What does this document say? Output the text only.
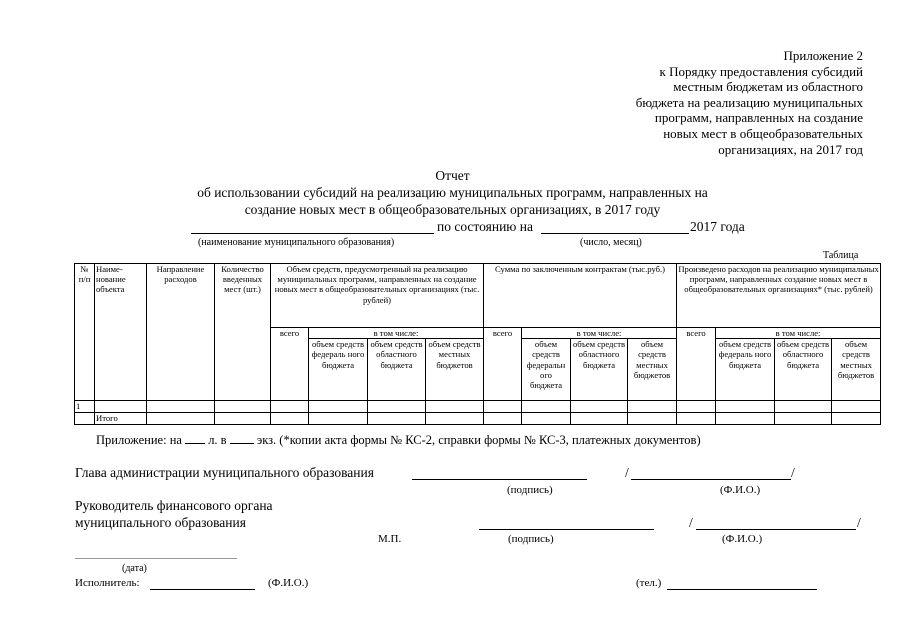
Приложение 2
к Порядку предоставления субсидий
местным бюджетам из областного
бюджета на реализацию муниципальных
программ, направленных на создание
новых мест в общеобразовательных
организациях, на 2017 год
Отчет
об использовании субсидий на реализацию муниципальных программ, направленных на
создание новых мест в общеобразовательных организациях, в 2017 году
по состоянию на	2017 года
(наименование муниципального образования)	(число, месяц)
Таблица
№ п/п	Наиме-нование объекта	Направление расходов	Количество введенных мест (шт.)	Объем средств, предусмотренный на реализацию муниципальных программ, направленных на создание новых мест в общеобразовательных организациях (тыс. рублей)				Сумма по заключенным контрактам (тыс.руб.)				Произведено расходов на реализацию муниципальных программ, направленных создание новых мест в общеобразовательных организациях* (тыс. рублей)			
				всего	в том числе:			всего	в том числе:			всего	в том числе:		
					объем средств федераль ного бюджета	объем средств областного бюджета	объем средств местных бюджетов		объем средств федеральн ого бюджета	объем средств областного бюджета	объем средств местных бюджетов		объем средств федераль ного бюджета	объем средств областного бюджета	объем средств местных бюджетов
1															
	Итого														
Приложение: на л. в экз. (*копии акта формы № КС-2, справки формы № КС-3, платежных документов)
Глава администрации муниципального образования	/	/
(подпись)	(Ф.И.О.)
Руководитель финансового органа
муниципального образования	/	/
М.П.	(подпись)	(Ф.И.О.)
(дата)
Исполнитель:	(Ф.И.О.)	(тел.)
